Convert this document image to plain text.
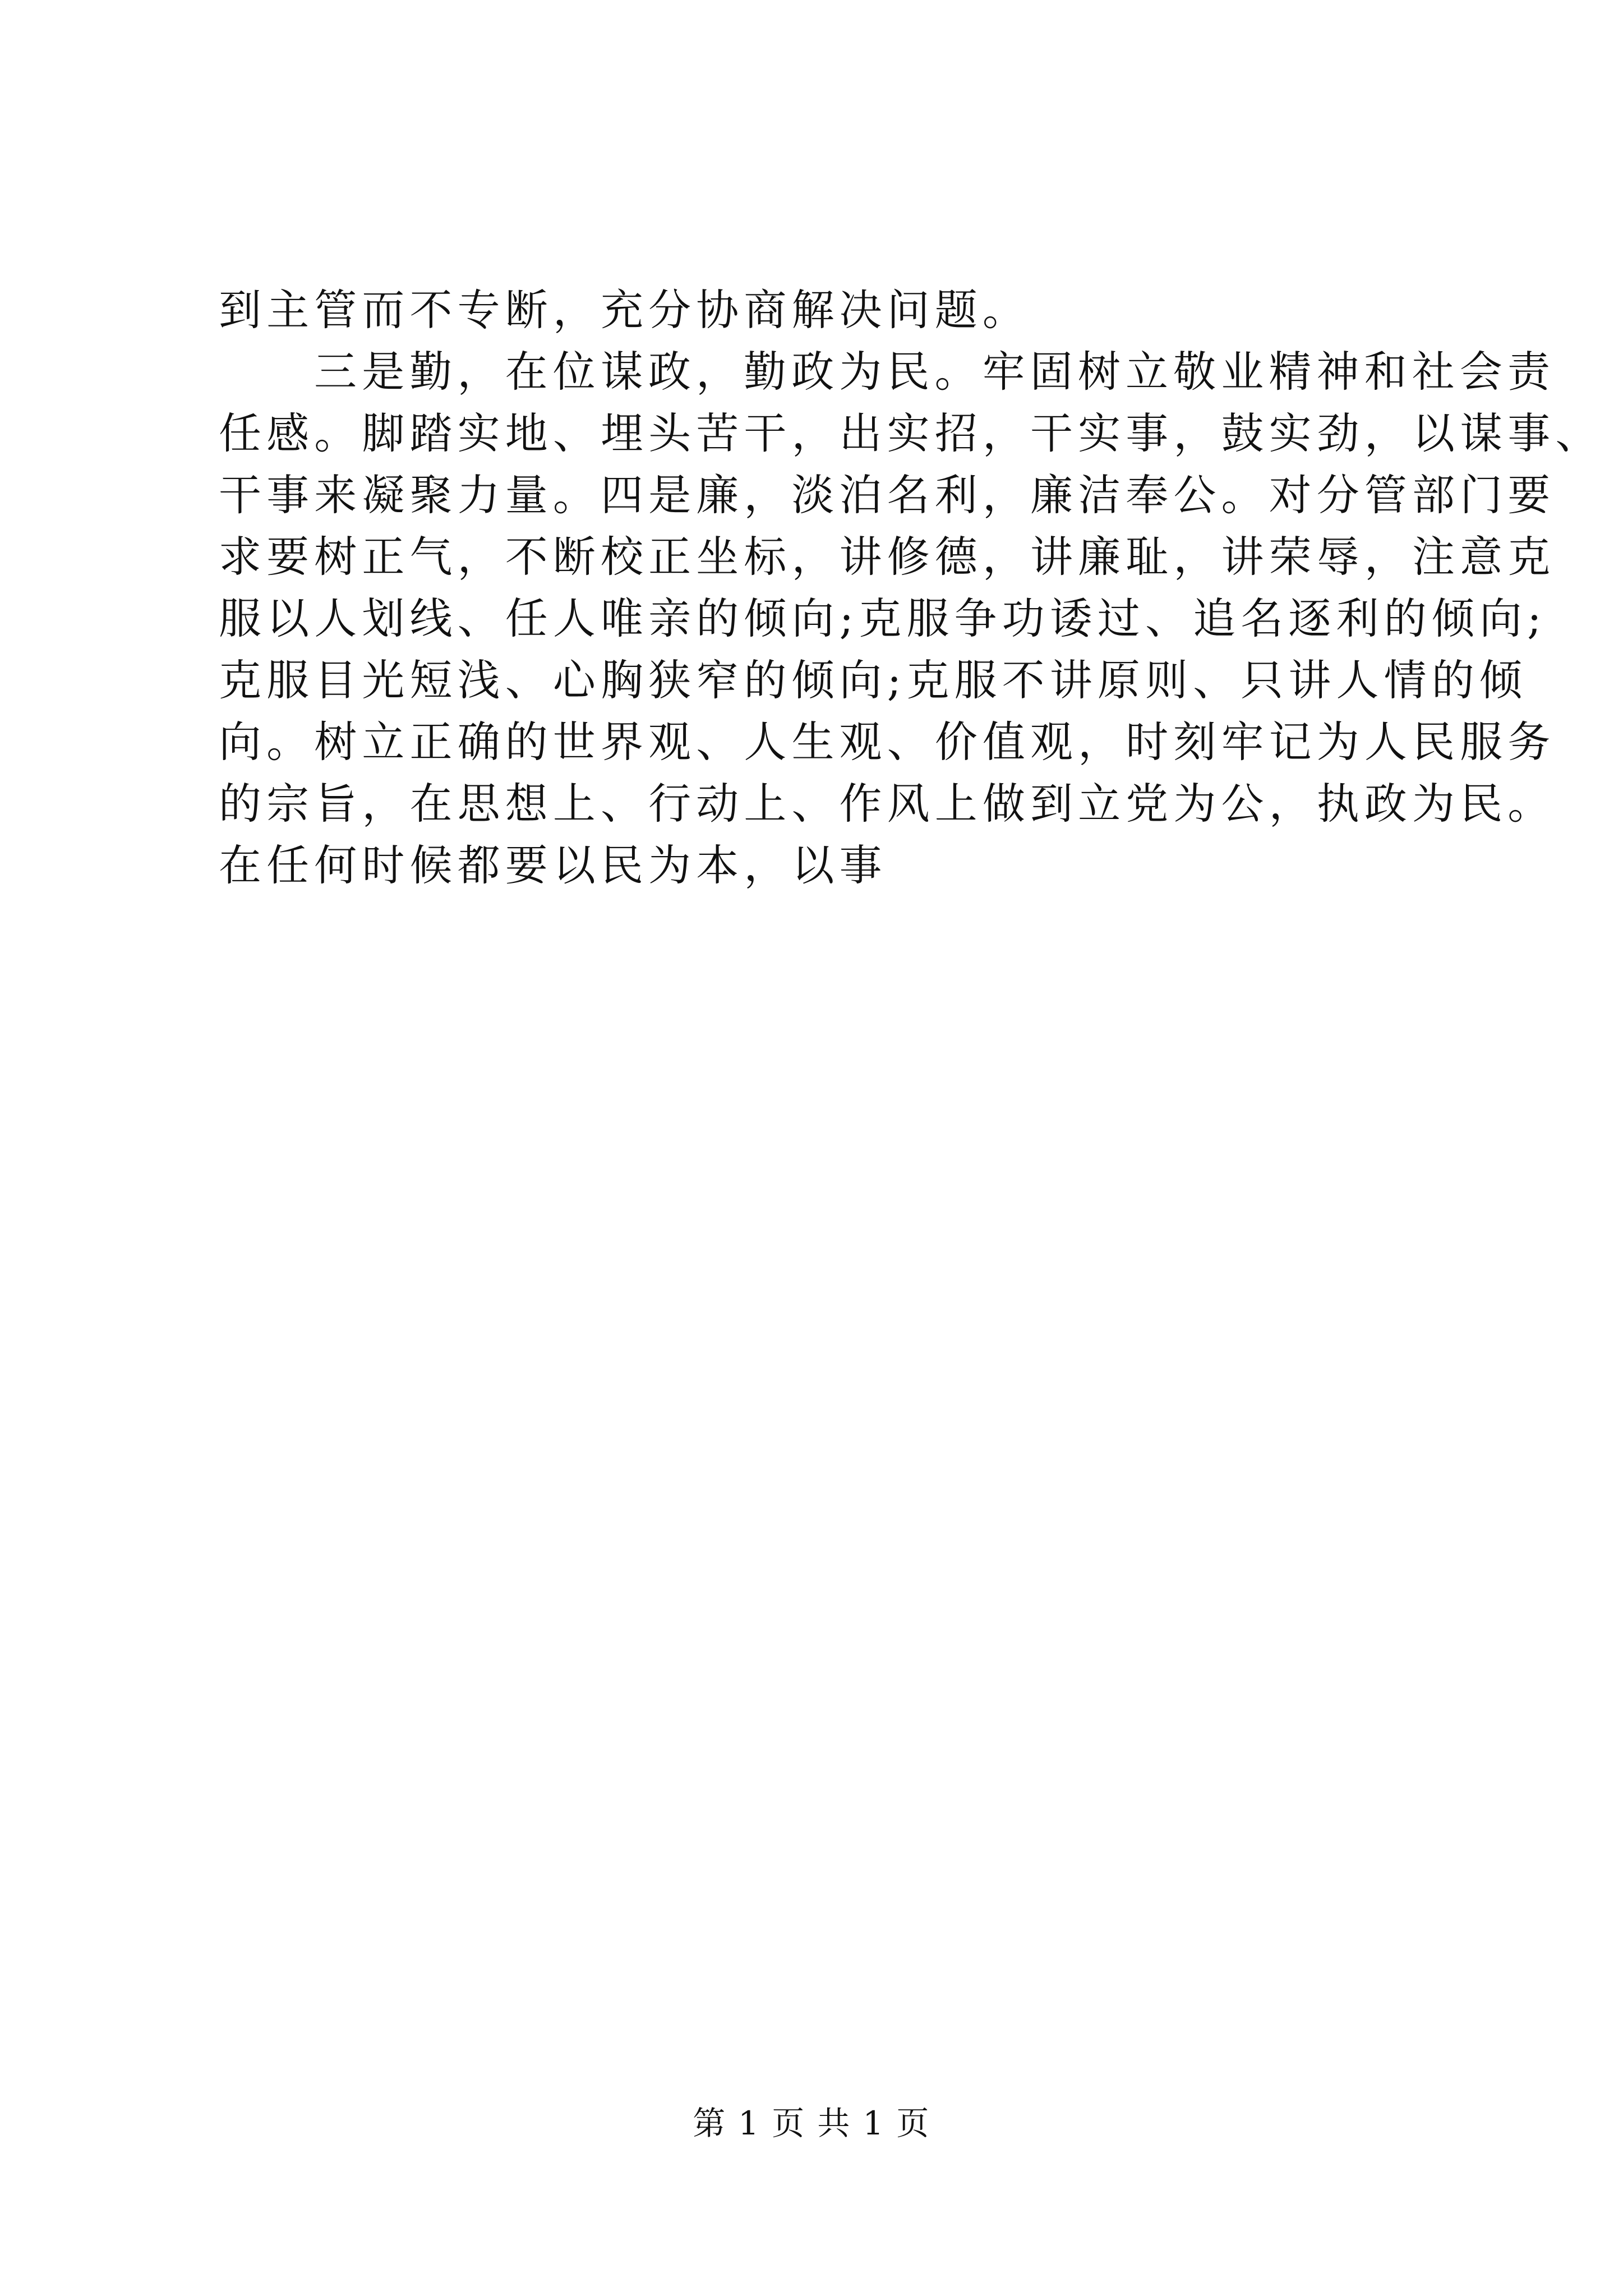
到主管而不专断，充分协商解决问题。
三是勤，在位谋政，勤政为民。牢固树立敬业精神和社会责
任感。脚踏实地、埋头苦干，出实招，干实事，鼓实劲，以谋事、
干事来凝聚力量。四是廉，淡泊名利，廉洁奉公。对分管部门要
求要树正气，不断校正坐标，讲修德，讲廉耻，讲荣辱，注意克
服以人划线、任人唯亲的倾向;克服争功诿过、追名逐利的倾向;
克服目光短浅、心胸狭窄的倾向;克服不讲原则、只讲人情的倾
向。树立正确的世界观、人生观、价值观，时刻牢记为人民服务
的宗旨，在思想上、行动上、作风上做到立党为公，执政为民。
在任何时候都要以民为本，以事
第 1 页 共 1 页
